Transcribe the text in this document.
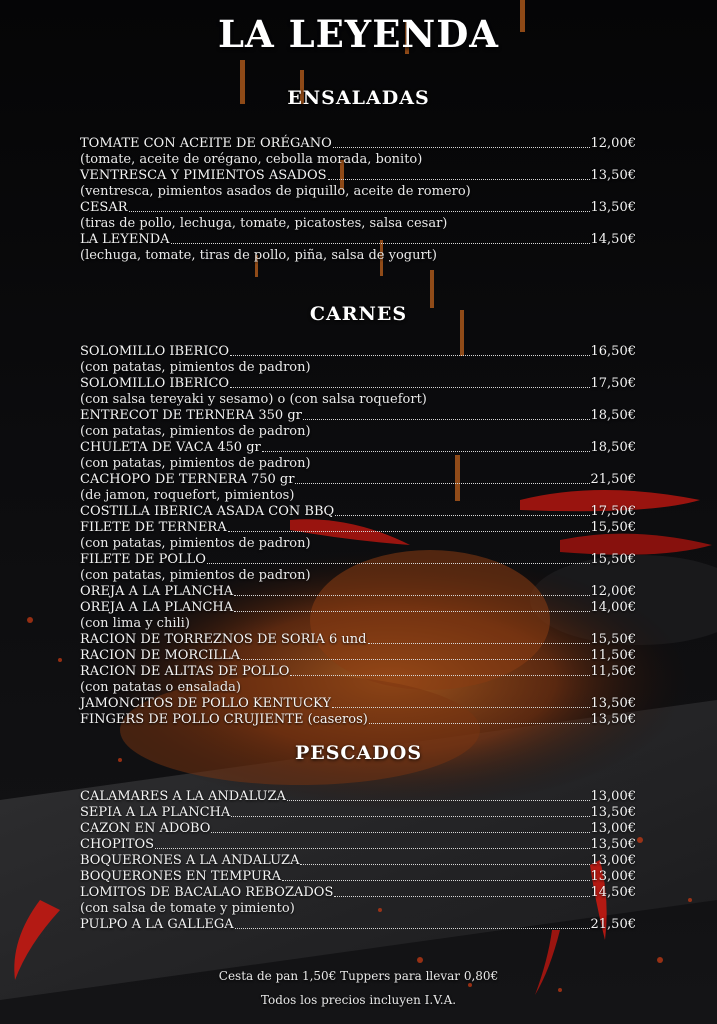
LA LEYENDA
ENSALADAS
TOMATE CON ACEITE DE ORÉGANO	12,00€
(tomate, aceite de orégano, cebolla morada, bonito)
VENTRESCA Y PIMIENTOS ASADOS	13,50€
(ventresca, pimientos asados de piquillo, aceite de romero)
CESAR	13,50€
(tiras de pollo, lechuga, tomate, picatostes, salsa cesar)
LA LEYENDA	14,50€
(lechuga, tomate, tiras de pollo, piña, salsa de yogurt)
CARNES
SOLOMILLO IBERICO	16,50€
(con patatas, pimientos de padron)
SOLOMILLO IBERICO	17,50€
(con salsa tereyaki y sesamo) o (con salsa roquefort)
ENTRECOT DE TERNERA 350 gr	18,50€
(con patatas, pimientos de padron)
CHULETA DE VACA 450 gr	18,50€
(con patatas, pimientos de padron)
CACHOPO DE TERNERA 750 gr	21,50€
(de jamon, roquefort, pimientos)
COSTILLA IBERICA ASADA CON BBQ	17,50€
FILETE DE TERNERA	15,50€
(con patatas, pimientos de padron)
FILETE DE POLLO	15,50€
(con patatas, pimientos de padron)
OREJA A LA PLANCHA	12,00€
OREJA A LA PLANCHA	14,00€
(con lima y chili)
RACION DE TORREZNOS DE SORIA 6 und	15,50€
RACION DE MORCILLA	11,50€
RACION DE ALITAS DE POLLO	11,50€
(con patatas o ensalada)
JAMONCITOS DE POLLO KENTUCKY	13,50€
FINGERS DE POLLO CRUJIENTE (caseros)	13,50€
PESCADOS
CALAMARES A LA ANDALUZA	13,00€
SEPIA A LA PLANCHA	13,50€
CAZON EN ADOBO	13,00€
CHOPITOS	13,50€
BOQUERONES A LA ANDALUZA	13,00€
BOQUERONES EN TEMPURA	13,00€
LOMITOS DE BACALAO REBOZADOS	14,50€
(con salsa de tomate y pimiento)
PULPO A LA GALLEGA	21,50€
Cesta de pan 1,50€ Tuppers para llevar 0,80€
Todos los precios incluyen I.V.A.
